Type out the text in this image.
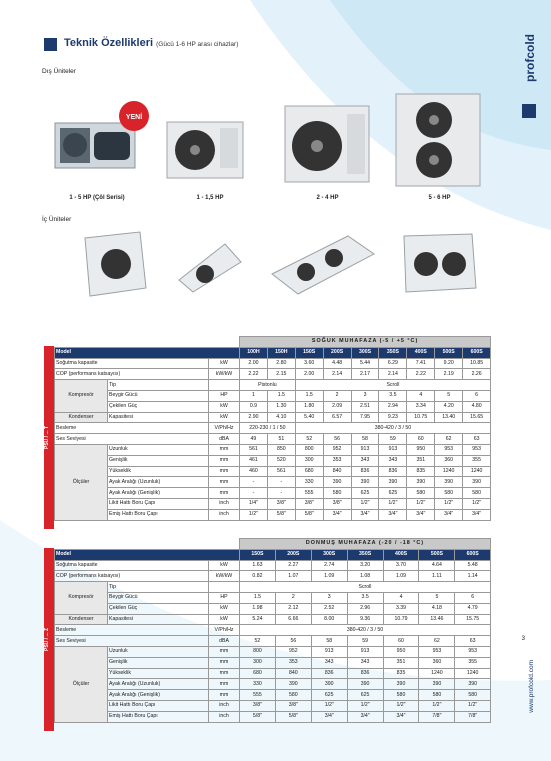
Teknik Özellikleri (Gücü 1-6 HP arası cihazlar)	profcold
Dış Üniteler
YENİ
1 - 5 HP (Çöl Serisi)	1 - 1,5 HP	2 - 4 HP	5 - 6 HP
İç Üniteler
PSU / ... T
			SOĞUK MUHAFAZA (-5 / +5 °C)								
Model			100H	150H	150S	200S	300S	350S	400S	500S	600S
Soğutma kapasite		kW	2.00	2.80	3.60	4.48	5.44	6.29	7.41	9.20	10.85
COP (performans katsayısı)		kW/kW	2.22	2.15	2.00	2.14	2.17	2.14	2.22	2.19	2.26
Kompresör	Tip		Pistonlu		Scroll						
	Beygir Gücü	HP	1	1.5	1.5	2	3	3.5	4	5	6
	Çekilen Güç	kW	0.9	1.30	1.80	2.09	2.51	2.94	3.34	4.20	4.80
Kondenser	Kapasitesi	kW	2.90	4.10	5.40	6.57	7.95	9.23	10.75	13.40	15.65
Besleme		V/Ph/Hz	220-230 / 1 / 50		380-420 / 3 / 50						
Ses Seviyesi		dBA	49	51	52	56	58	59	60	62	63
Ölçüler	Uzunluk	mm	561	850	800	952	913	913	950	953	953
	Genişlik	mm	461	520	300	353	343	343	351	360	355
	Yükseklik	mm	460	561	680	840	836	836	835	1240	1240
	Ayak Aralığı (Uzunluk)	mm	-	-	330	390	390	390	390	390	390
	Ayak Aralığı (Genişlik)	mm	-	-	555	580	625	625	580	580	580
	Likit Hattı Boru Çapı	inch	1/4"	3/8"	3/8"	3/8"	1/2"	1/2"	1/2"	1/2"	1/2"
	Emiş Hattı Boru Çapı	inch	1/2"	5/8"	5/8"	3/4"	3/4"	3/4"	3/4"	3/4"	3/4"
PSU / ... Z
			DONMUŞ MUHAFAZA (-20 / -18 °C)						
Model			150S	200S	300S	350S	400S	500S	600S
Soğutma kapasite		kW	1.63	2.27	2.74	3.20	3.70	4.64	5.48
COP (performans katsayısı)		kW/kW	0.82	1.07	1.09	1.08	1.09	1.11	1.14
Kompresör	Tip		Scroll						
	Beygir Gücü	HP	1.5	2	3	3.5	4	5	6
	Çekilen Güç	kW	1.98	2.12	2.52	2.96	3.39	4.18	4.79
Kondenser	Kapasitesi	kW	5.24	6.66	8.00	9.36	10.79	13.46	15.75
Besleme		V/Ph/Hz	380-420 / 3 / 50						
Ses Seviyesi		dBA	52	56	58	59	60	62	63
Ölçüler	Uzunluk	mm	800	952	913	913	950	953	953
	Genişlik	mm	300	353	343	343	351	360	355
	Yükseklik	mm	680	840	836	836	835	1240	1240
	Ayak Aralığı (Uzunluk)	mm	330	390	390	390	390	390	390
	Ayak Aralığı (Genişlik)	mm	555	580	625	625	580	580	580
	Likit Hattı Boru Çapı	inch	3/8"	3/8"	1/2"	1/2"	1/2"	1/2"	1/2"
	Emiş Hattı Boru Çapı	inch	5/8"	5/8"	3/4"	3/4"	3/4"	7/8"	7/8"
3
www.profcold.com
